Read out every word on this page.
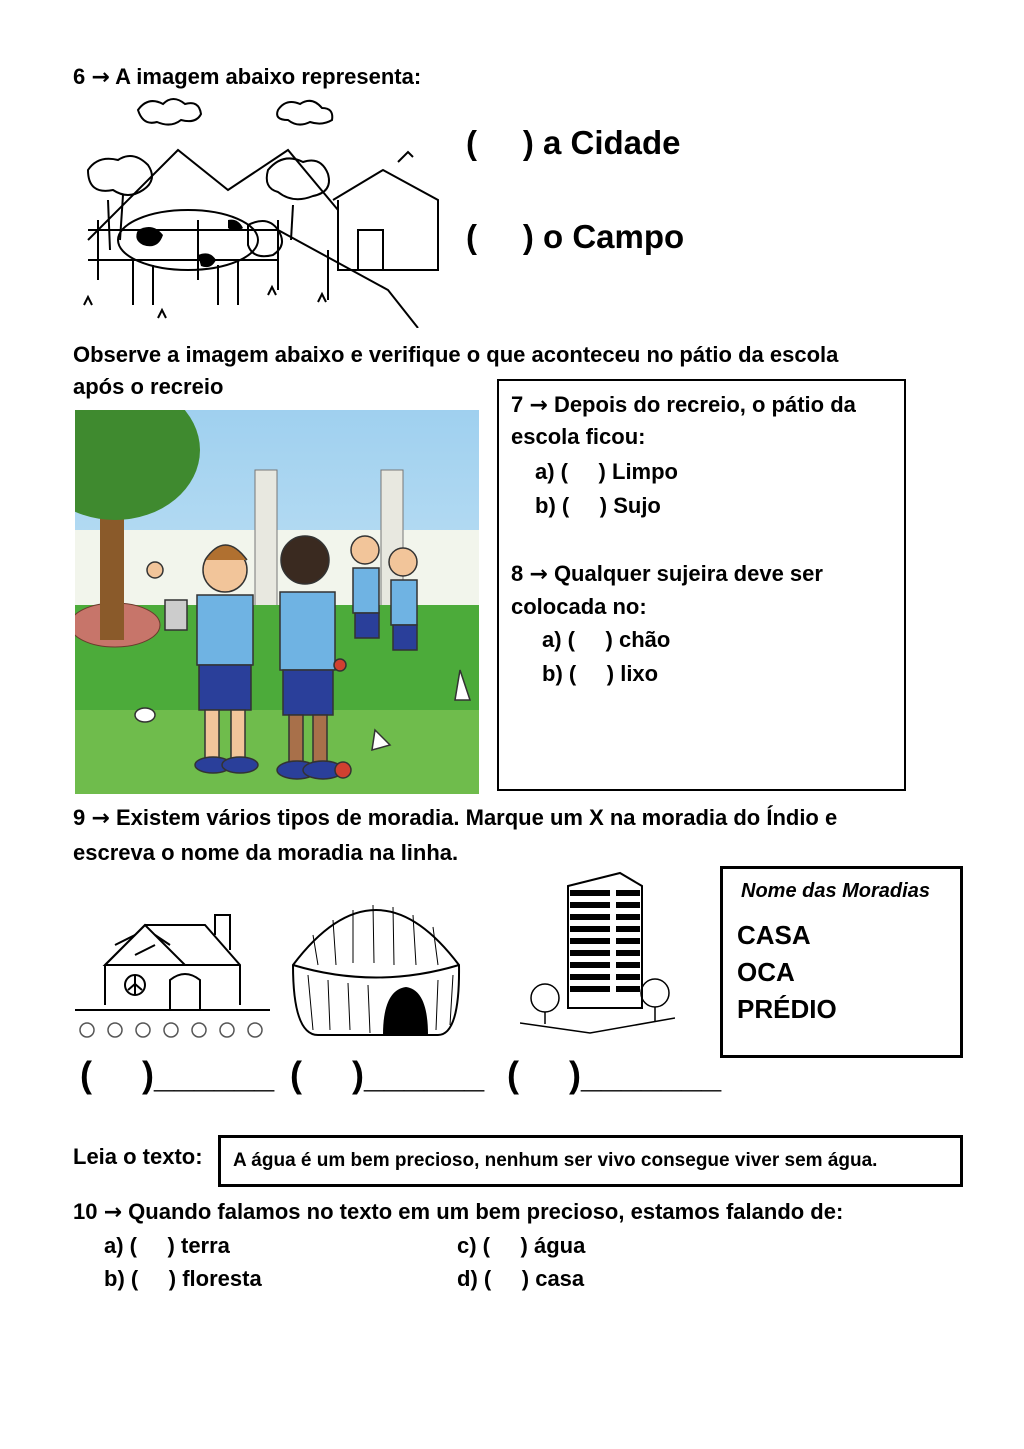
6 → A imagem abaixo representa:
(     ) a Cidade
(     ) o Campo
Observe a imagem abaixo e verifique o que aconteceu no pátio da escola
após o recreio
7 → Depois do recreio, o pátio da
escola ficou:
a) (     ) Limpo
b) (     ) Sujo
8 → Qualquer sujeira deve ser
colocada no:
a) (     ) chão
b) (     ) lixo
9 → Existem vários tipos de moradia. Marque um X na moradia do Índio e
escreva o nome da moradia na linha.
Nome das Moradias
CASA
OCA
PRÉDIO
(     )______ (     )______ (     )_______
Leia o texto: A água é um bem precioso, nenhum ser vivo consegue viver sem água.
10 → Quando falamos no texto em um bem precioso, estamos falando de:
a) (     ) terra
b) (     ) floresta
c) (     ) água
d) (     ) casa
